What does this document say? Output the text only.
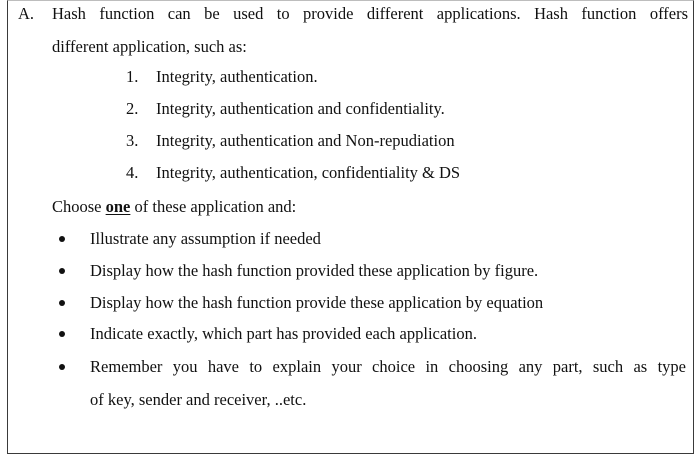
A. Hash function can be used to provide different applications. Hash function offers
different application, such as:
1. Integrity, authentication.
2. Integrity, authentication and confidentiality.
3. Integrity, authentication and Non-repudiation
4. Integrity, authentication, confidentiality & DS
Choose one of these application and:
Illustrate any assumption if needed
Display how the hash function provided these application by figure.
Display how the hash function provide these application by equation
Indicate exactly, which part has provided each application.
Remember you have to explain your choice in choosing any part, such as type
of key, sender and receiver, ..etc.
